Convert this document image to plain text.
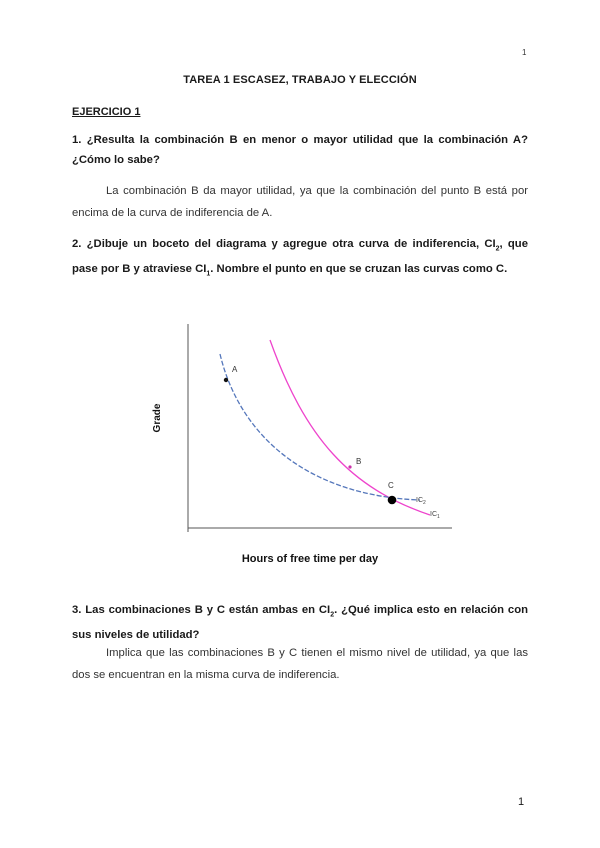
1
TAREA 1 ESCASEZ, TRABAJO Y ELECCIÓN
EJERCICIO 1
1. ¿Resulta la combinación B en menor o mayor utilidad que la combinación A? ¿Cómo lo sabe?
La combinación B da mayor utilidad, ya que la combinación del punto B está por encima de la curva de indiferencia de A.
2. ¿Dibuje un boceto del diagrama y agregue otra curva de indiferencia, $CI_2$, que pase por B y atraviese $CI_1$. Nombre el punto en que se cruzan las curvas como C.
A
B
C
$IC_2$
$IC_1$
Grade
Hours of free time per day
3. Las combinaciones B y C están ambas en $CI_2$. ¿Qué implica esto en relación con sus niveles de utilidad?
Implica que las combinaciones B y C tienen el mismo nivel de utilidad, ya que las dos se encuentran en la misma curva de indiferencia.
1
